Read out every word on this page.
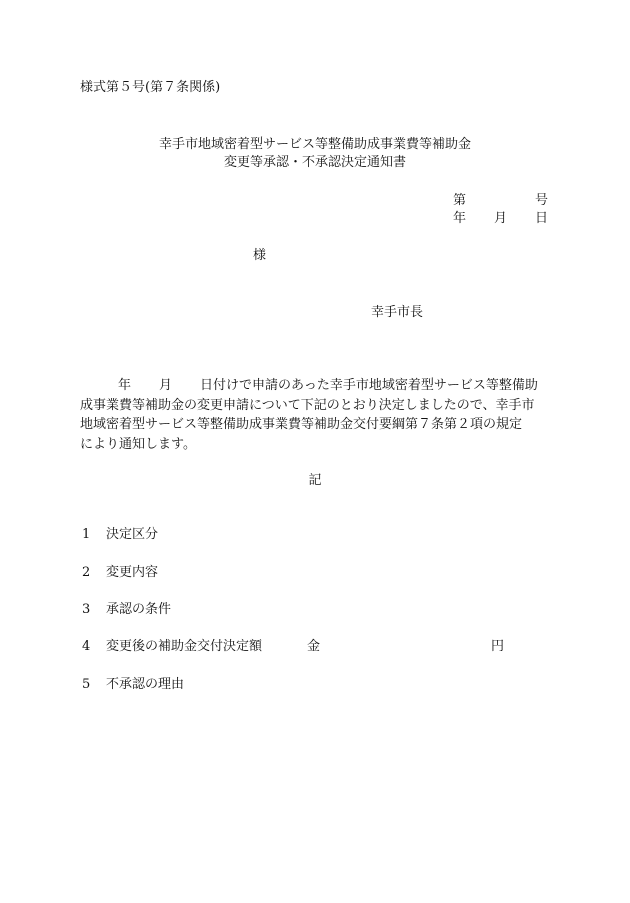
様式第５号(第７条関係)
幸手市地域密着型サービス等整備助成事業費等補助金
変更等承認・不承認決定通知書
第	号
年 月 日
様
幸手市長
年 月 日付けで申請のあった幸手市地域密着型サービス等整備助
成事業費等補助金の変更申請について下記のとおり決定しましたので、幸手市
地域密着型サービス等整備助成事業費等補助金交付要綱第７条第２項の規定
により通知します。
記
1 決定区分
2 変更内容
3 承認の条件
4 変更後の補助金交付決定額	金	円
5 不承認の理由
